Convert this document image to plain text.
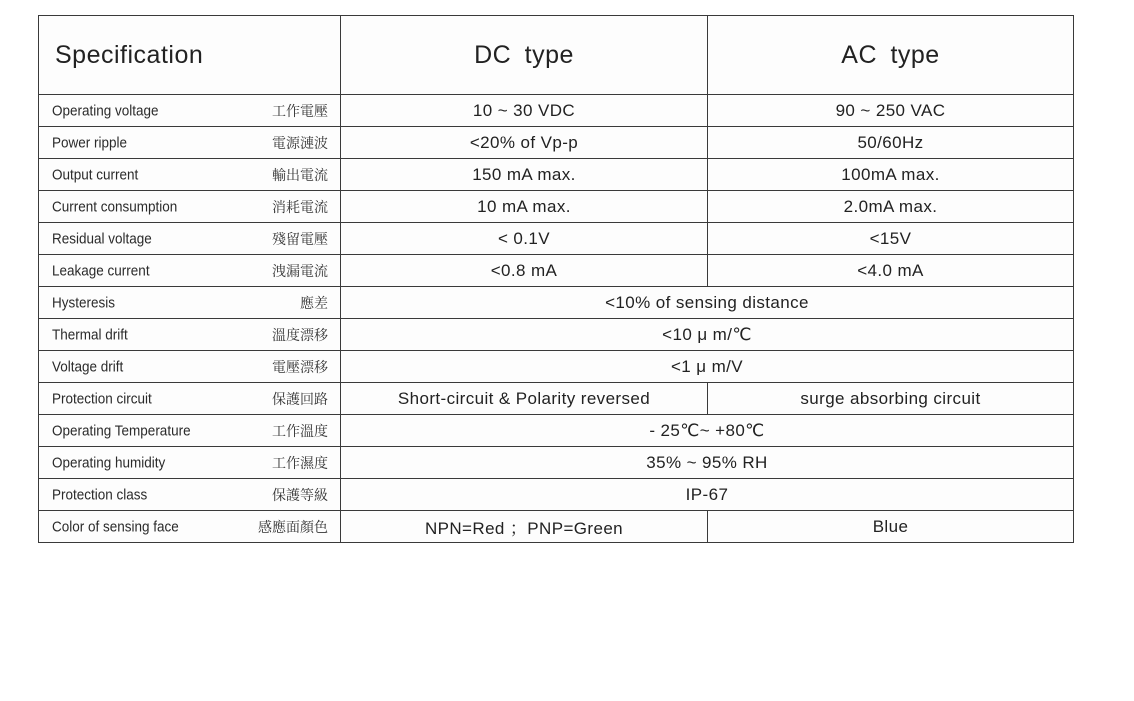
Specification	DC type	AC type

Operating voltage 工作電壓	10 ~ 30 VDC	90 ~ 250 VAC

Power ripple 電源漣波	<20% of Vp-p	50/60Hz

Output current 輸出電流	150 mA max.	100mA max.

Current consumption 消耗電流	10 mA max.	2.0mA max.

Residual voltage 殘留電壓	< 0.1V	<15V

Leakage current 洩漏電流	<0.8 mA	<4.0 mA

Hysteresis 應差	<10% of sensing distance	

Thermal drift 溫度漂移	<10 μ m/℃	

Voltage drift 電壓漂移	<1 μ m/V	

Protection circuit 保護回路	Short-circuit & Polarity reversed	surge absorbing circuit

Operating Temperature 工作溫度	- 25℃~ +80℃	

Operating humidity 工作濕度	35% ~ 95% RH	

Protection class 保護等級	IP-67	

Color of sensing face 感應面顏色	NPN=Red ；PNP=Green	Blue
